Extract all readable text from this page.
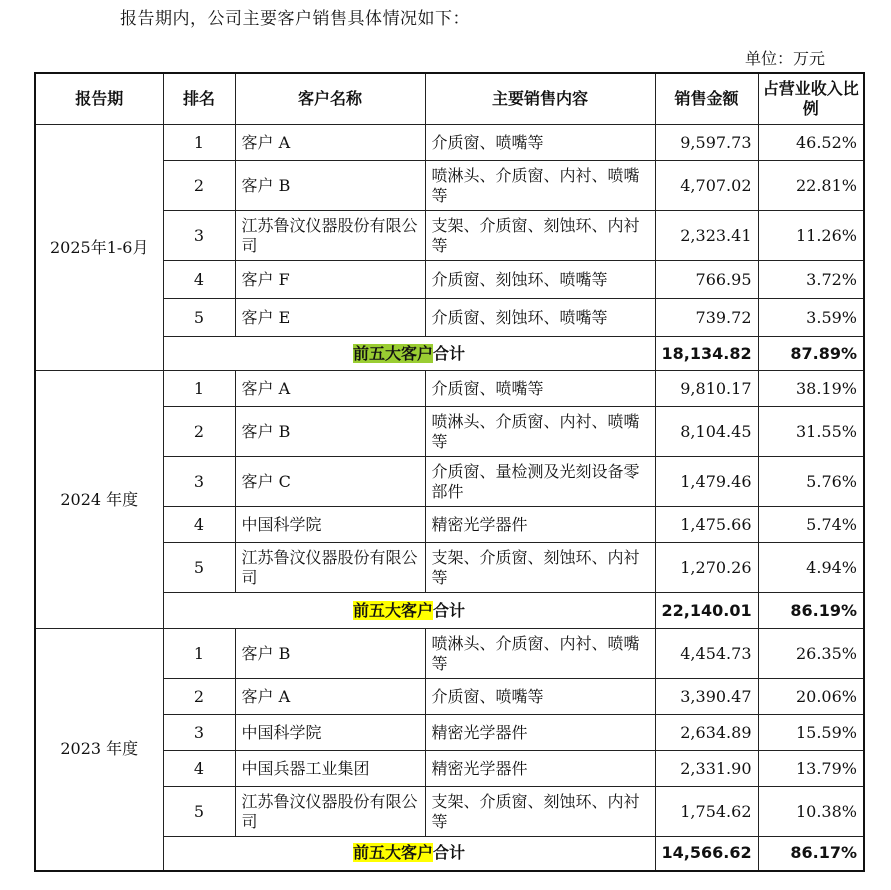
报告期内，公司主要客户销售具体情况如下：
单位：万元
报告期	排名	客户名称	主要销售内容	销售金额	占营业收入比例
2025年1-6月	1	客户 A	介质窗、喷嘴等	9,597.73	46.52%
	2	客户 B	喷淋头、介质窗、内衬、喷嘴等	4,707.02	22.81%
	3	江苏鲁汶仪器股份有限公司	支架、介质窗、刻蚀环、内衬等	2,323.41	11.26%
	4	客户 F	介质窗、刻蚀环、喷嘴等	766.95	3.72%
	5	客户 E	介质窗、刻蚀环、喷嘴等	739.72	3.59%
	前五大客户合计			18,134.82	87.89%
2024 年度	1	客户 A	介质窗、喷嘴等	9,810.17	38.19%
	2	客户 B	喷淋头、介质窗、内衬、喷嘴等	8,104.45	31.55%
	3	客户 C	介质窗、量检测及光刻设备零部件	1,479.46	5.76%
	4	中国科学院	精密光学器件	1,475.66	5.74%
	5	江苏鲁汶仪器股份有限公司	支架、介质窗、刻蚀环、内衬等	1,270.26	4.94%
	前五大客户合计			22,140.01	86.19%
2023 年度	1	客户 B	喷淋头、介质窗、内衬、喷嘴等	4,454.73	26.35%
	2	客户 A	介质窗、喷嘴等	3,390.47	20.06%
	3	中国科学院	精密光学器件	2,634.89	15.59%
	4	中国兵器工业集团	精密光学器件	2,331.90	13.79%
	5	江苏鲁汶仪器股份有限公司	支架、介质窗、刻蚀环、内衬等	1,754.62	10.38%
	前五大客户合计			14,566.62	86.17%
